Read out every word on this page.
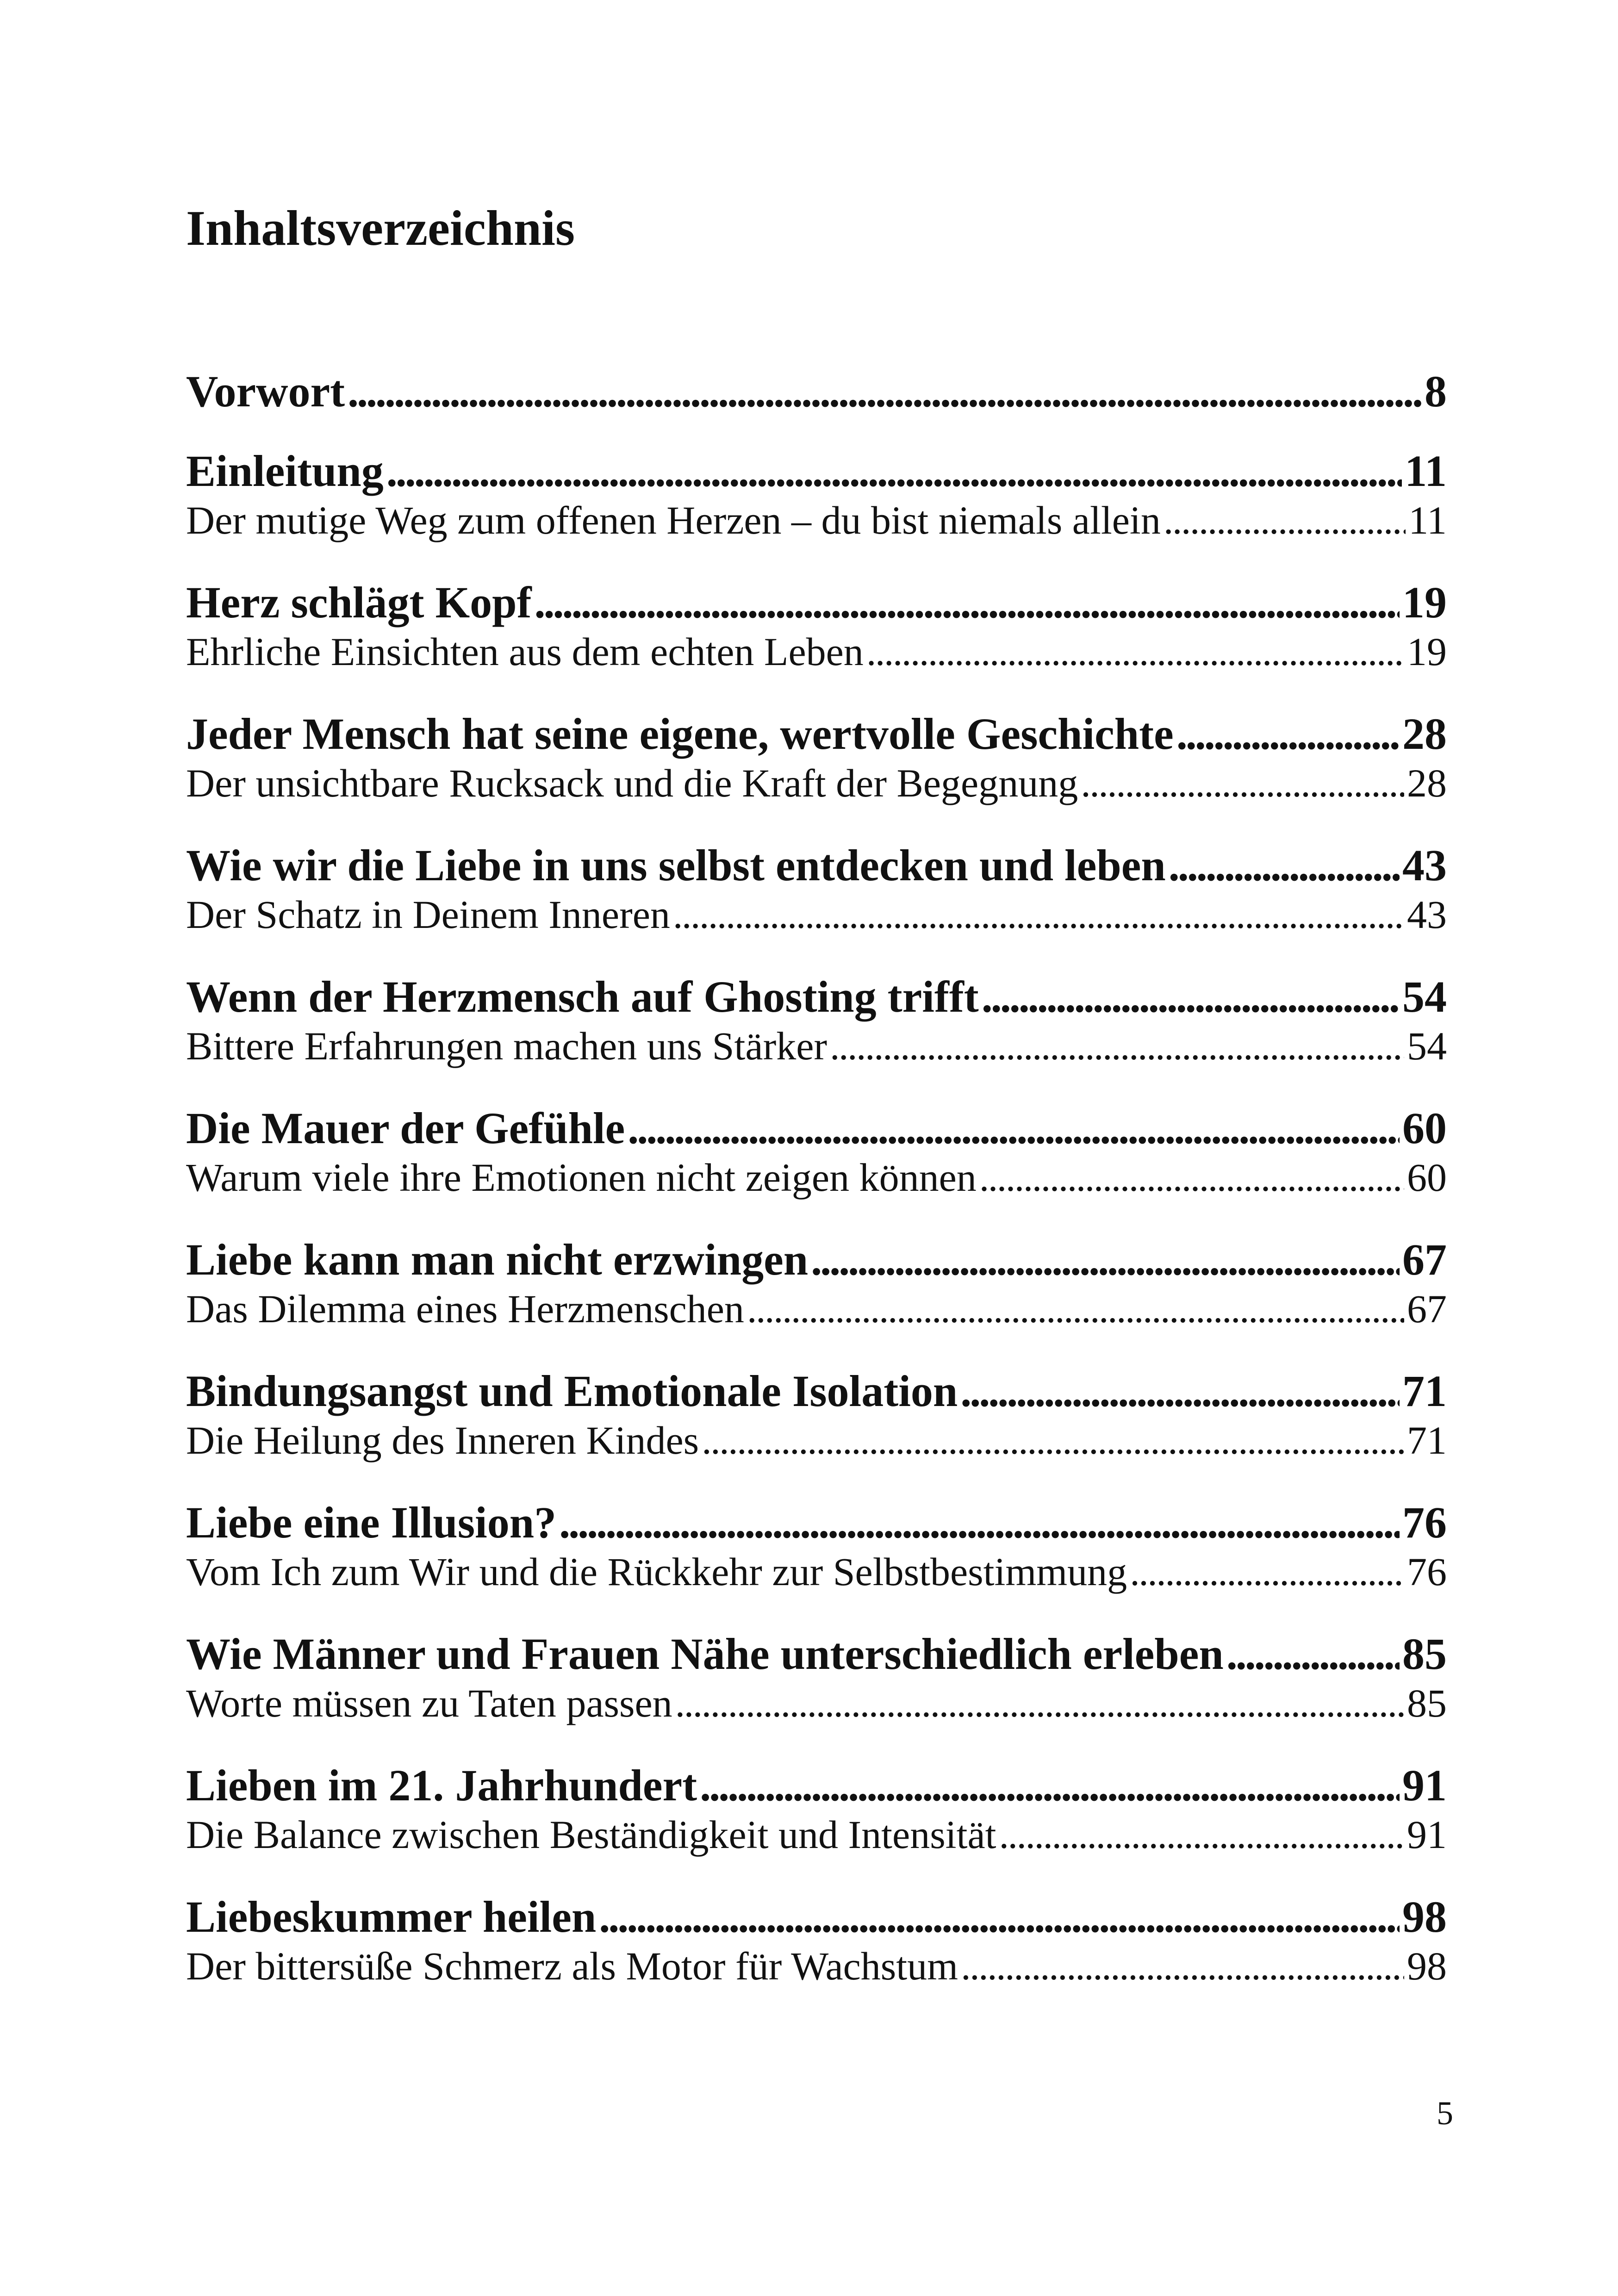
Inhaltsverzeichnis
Vorwort . . .	8
Einleitung . . .	11
Der mutige Weg zum offenen Herzen – du bist niemals allein . . .	11
Herz schlägt Kopf . . .	19
Ehrliche Einsichten aus dem echten Leben . . .	19
Jeder Mensch hat seine eigene, wertvolle Geschichte . . .	28
Der unsichtbare Rucksack und die Kraft der Begegnung . . .	28
Wie wir die Liebe in uns selbst entdecken und leben . . .	43
Der Schatz in Deinem Inneren . . .	43
Wenn der Herzmensch auf Ghosting trifft . . .	54
Bittere Erfahrungen machen uns Stärker . . .	54
Die Mauer der Gefühle . . .	60
Warum viele ihre Emotionen nicht zeigen können . . .	60
Liebe kann man nicht erzwingen . . .	67
Das Dilemma eines Herzmenschen . . .	67
Bindungsangst und Emotionale Isolation . . .	71
Die Heilung des Inneren Kindes . . .	71
Liebe eine Illusion? . . .	76
Vom Ich zum Wir und die Rückkehr zur Selbstbestimmung . . .	76
Wie Männer und Frauen Nähe unterschiedlich erleben . . .	85
Worte müssen zu Taten passen . . .	85
Lieben im 21. Jahrhundert . . .	91
Die Balance zwischen Beständigkeit und Intensität . . .	91
Liebeskummer heilen . . .	98
Der bittersüße Schmerz als Motor für Wachstum . . .	98
5
